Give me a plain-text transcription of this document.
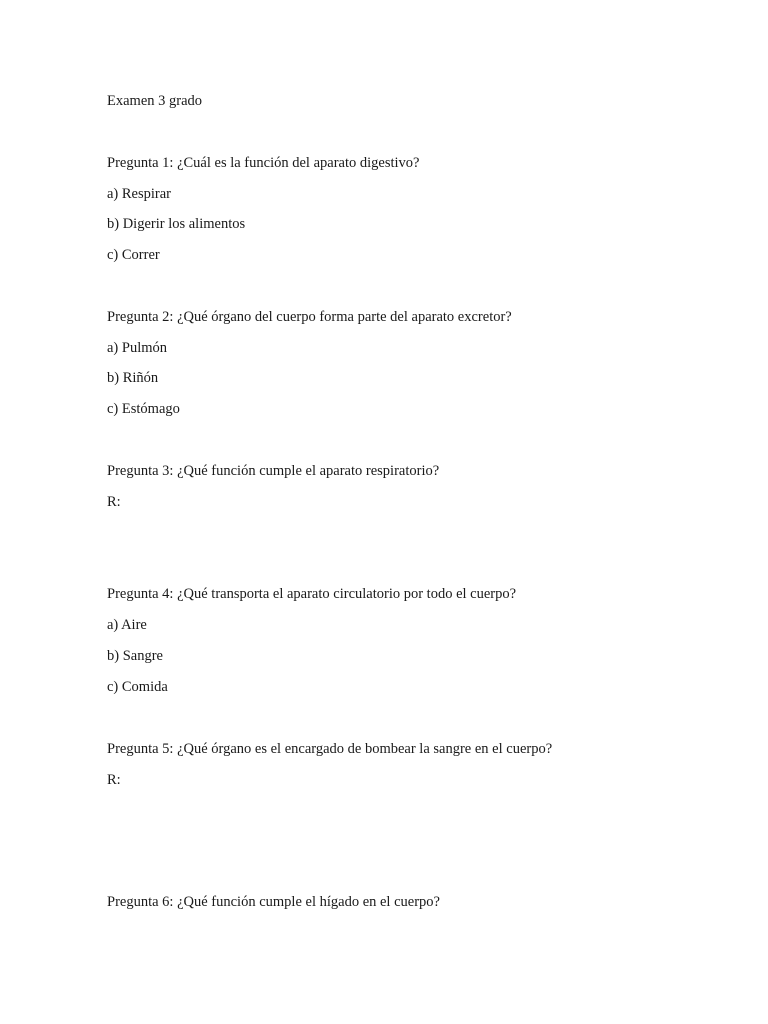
Examen 3 grado
Pregunta 1: ¿Cuál es la función del aparato digestivo?
a) Respirar
b) Digerir los alimentos
c) Correr
Pregunta 2: ¿Qué órgano del cuerpo forma parte del aparato excretor?
a) Pulmón
b) Riñón
c) Estómago
Pregunta 3: ¿Qué función cumple el aparato respiratorio?
R:
Pregunta 4: ¿Qué transporta el aparato circulatorio por todo el cuerpo?
a) Aire
b) Sangre
c) Comida
Pregunta 5: ¿Qué órgano es el encargado de bombear la sangre en el cuerpo?
R:
Pregunta 6: ¿Qué función cumple el hígado en el cuerpo?
